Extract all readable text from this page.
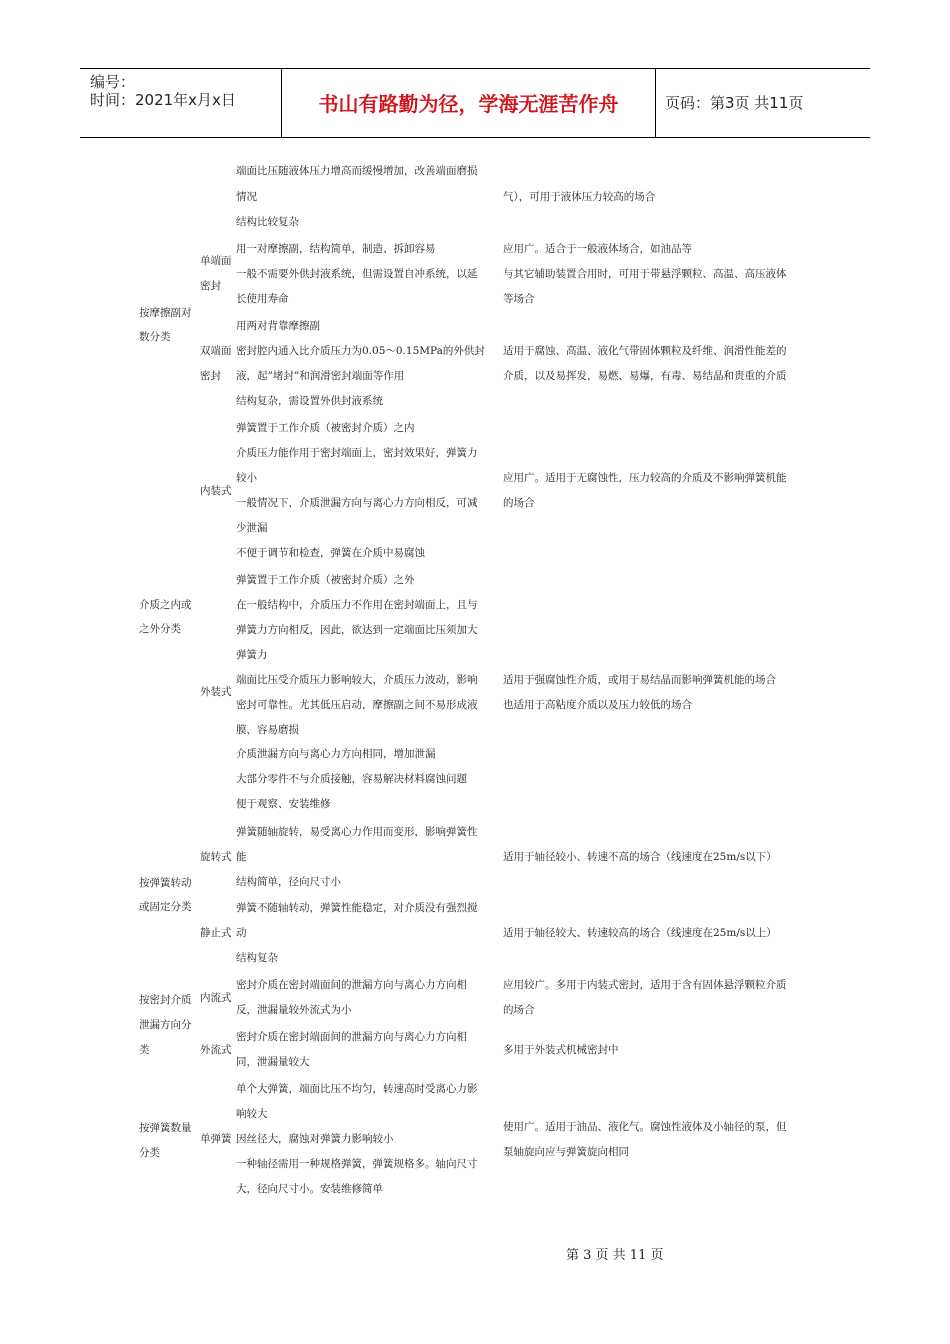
编号：
时间：2021年x月x日	书山有路勤为径，学海无涯苦作舟	页码：第3页 共11页
按摩擦副对
数分类
介质之内或
之外分类
按弹簧转动
或固定分类
按密封介质
泄漏方向分
类
按弹簧数量
分类
单端面
密封
双端面
密封
内装式
外装式
旋转式
静止式
内流式
外流式
单弹簧
端面比压随液体压力增高而缓慢增加，改善端面磨损
情况
结构比较复杂
用一对摩擦副，结构简单，制造、拆卸容易
一般不需要外供封液系统，但需设置自冲系统，以延
长使用寿命
用两对背靠摩擦副
密封腔内通入比介质压力为0.05～0.15MPa的外供封
液，起”堵封”和润滑密封端面等作用
结构复杂，需设置外供封液系统
弹簧置于工作介质（被密封介质）之内
介质压力能作用于密封端面上，密封效果好，弹簧力
较小
一般情况下，介质泄漏方向与离心力方向相反，可减
少泄漏
不便于调节和检查，弹簧在介质中易腐蚀
弹簧置于工作介质（被密封介质）之外
在一般结构中，介质压力不作用在密封端面上，且与
弹簧力方向相反，因此，欲达到一定端面比压须加大
弹簧力
端面比压受介质压力影响较大，介质压力波动，影响
密封可靠性。尤其低压启动，摩擦副之间不易形成液
膜，容易磨损
介质泄漏方向与离心力方向相同，增加泄漏
大部分零件不与介质接触，容易解决材料腐蚀问题
便于观察、安装维修
弹簧随轴旋转，易受离心力作用而变形，影响弹簧性
能
结构简单，径向尺寸小
弹簧不随轴转动，弹簧性能稳定，对介质没有强烈搅
动
结构复杂
密封介质在密封端面间的泄漏方向与离心力方向相
反，泄漏量较外流式为小
密封介质在密封端面间的泄漏方向与离心力方向相
同，泄漏量较大
单个大弹簧，端面比压不均匀，转速高时受离心力影
响较大
因丝径大，腐蚀对弹簧力影响较小
一种轴径需用一种规格弹簧，弹簧规格多。轴向尺寸
大，径向尺寸小。安装维修简单
气），可用于液体压力较高的场合
应用广。适合于一般液体场合，如油品等
与其它辅助装置合用时，可用于带悬浮颗粒、高温、高压液体
等场合
适用于腐蚀、高温、液化气带固体颗粒及纤维、润滑性能差的
介质，以及易挥发，易燃、易爆，有毒、易结晶和贵重的介质
应用广。适用于无腐蚀性，压力较高的介质及不影响弹簧机能
的场合
适用于强腐蚀性介质，或用于易结晶而影响弹簧机能的场合
也适用于高粘度介质以及压力较低的场合
适用于轴径较小、转速不高的场合（线速度在25m/s以下）
适用于轴径较大、转速较高的场合（线速度在25m/s以上）
应用较广。多用于内装式密封，适用于含有固体悬浮颗粒介质
的场合
多用于外装式机械密封中
使用广。适用于油品、液化气。腐蚀性液体及小轴径的泵，但
泵轴旋向应与弹簧旋向相同
第 3 页 共 11 页
